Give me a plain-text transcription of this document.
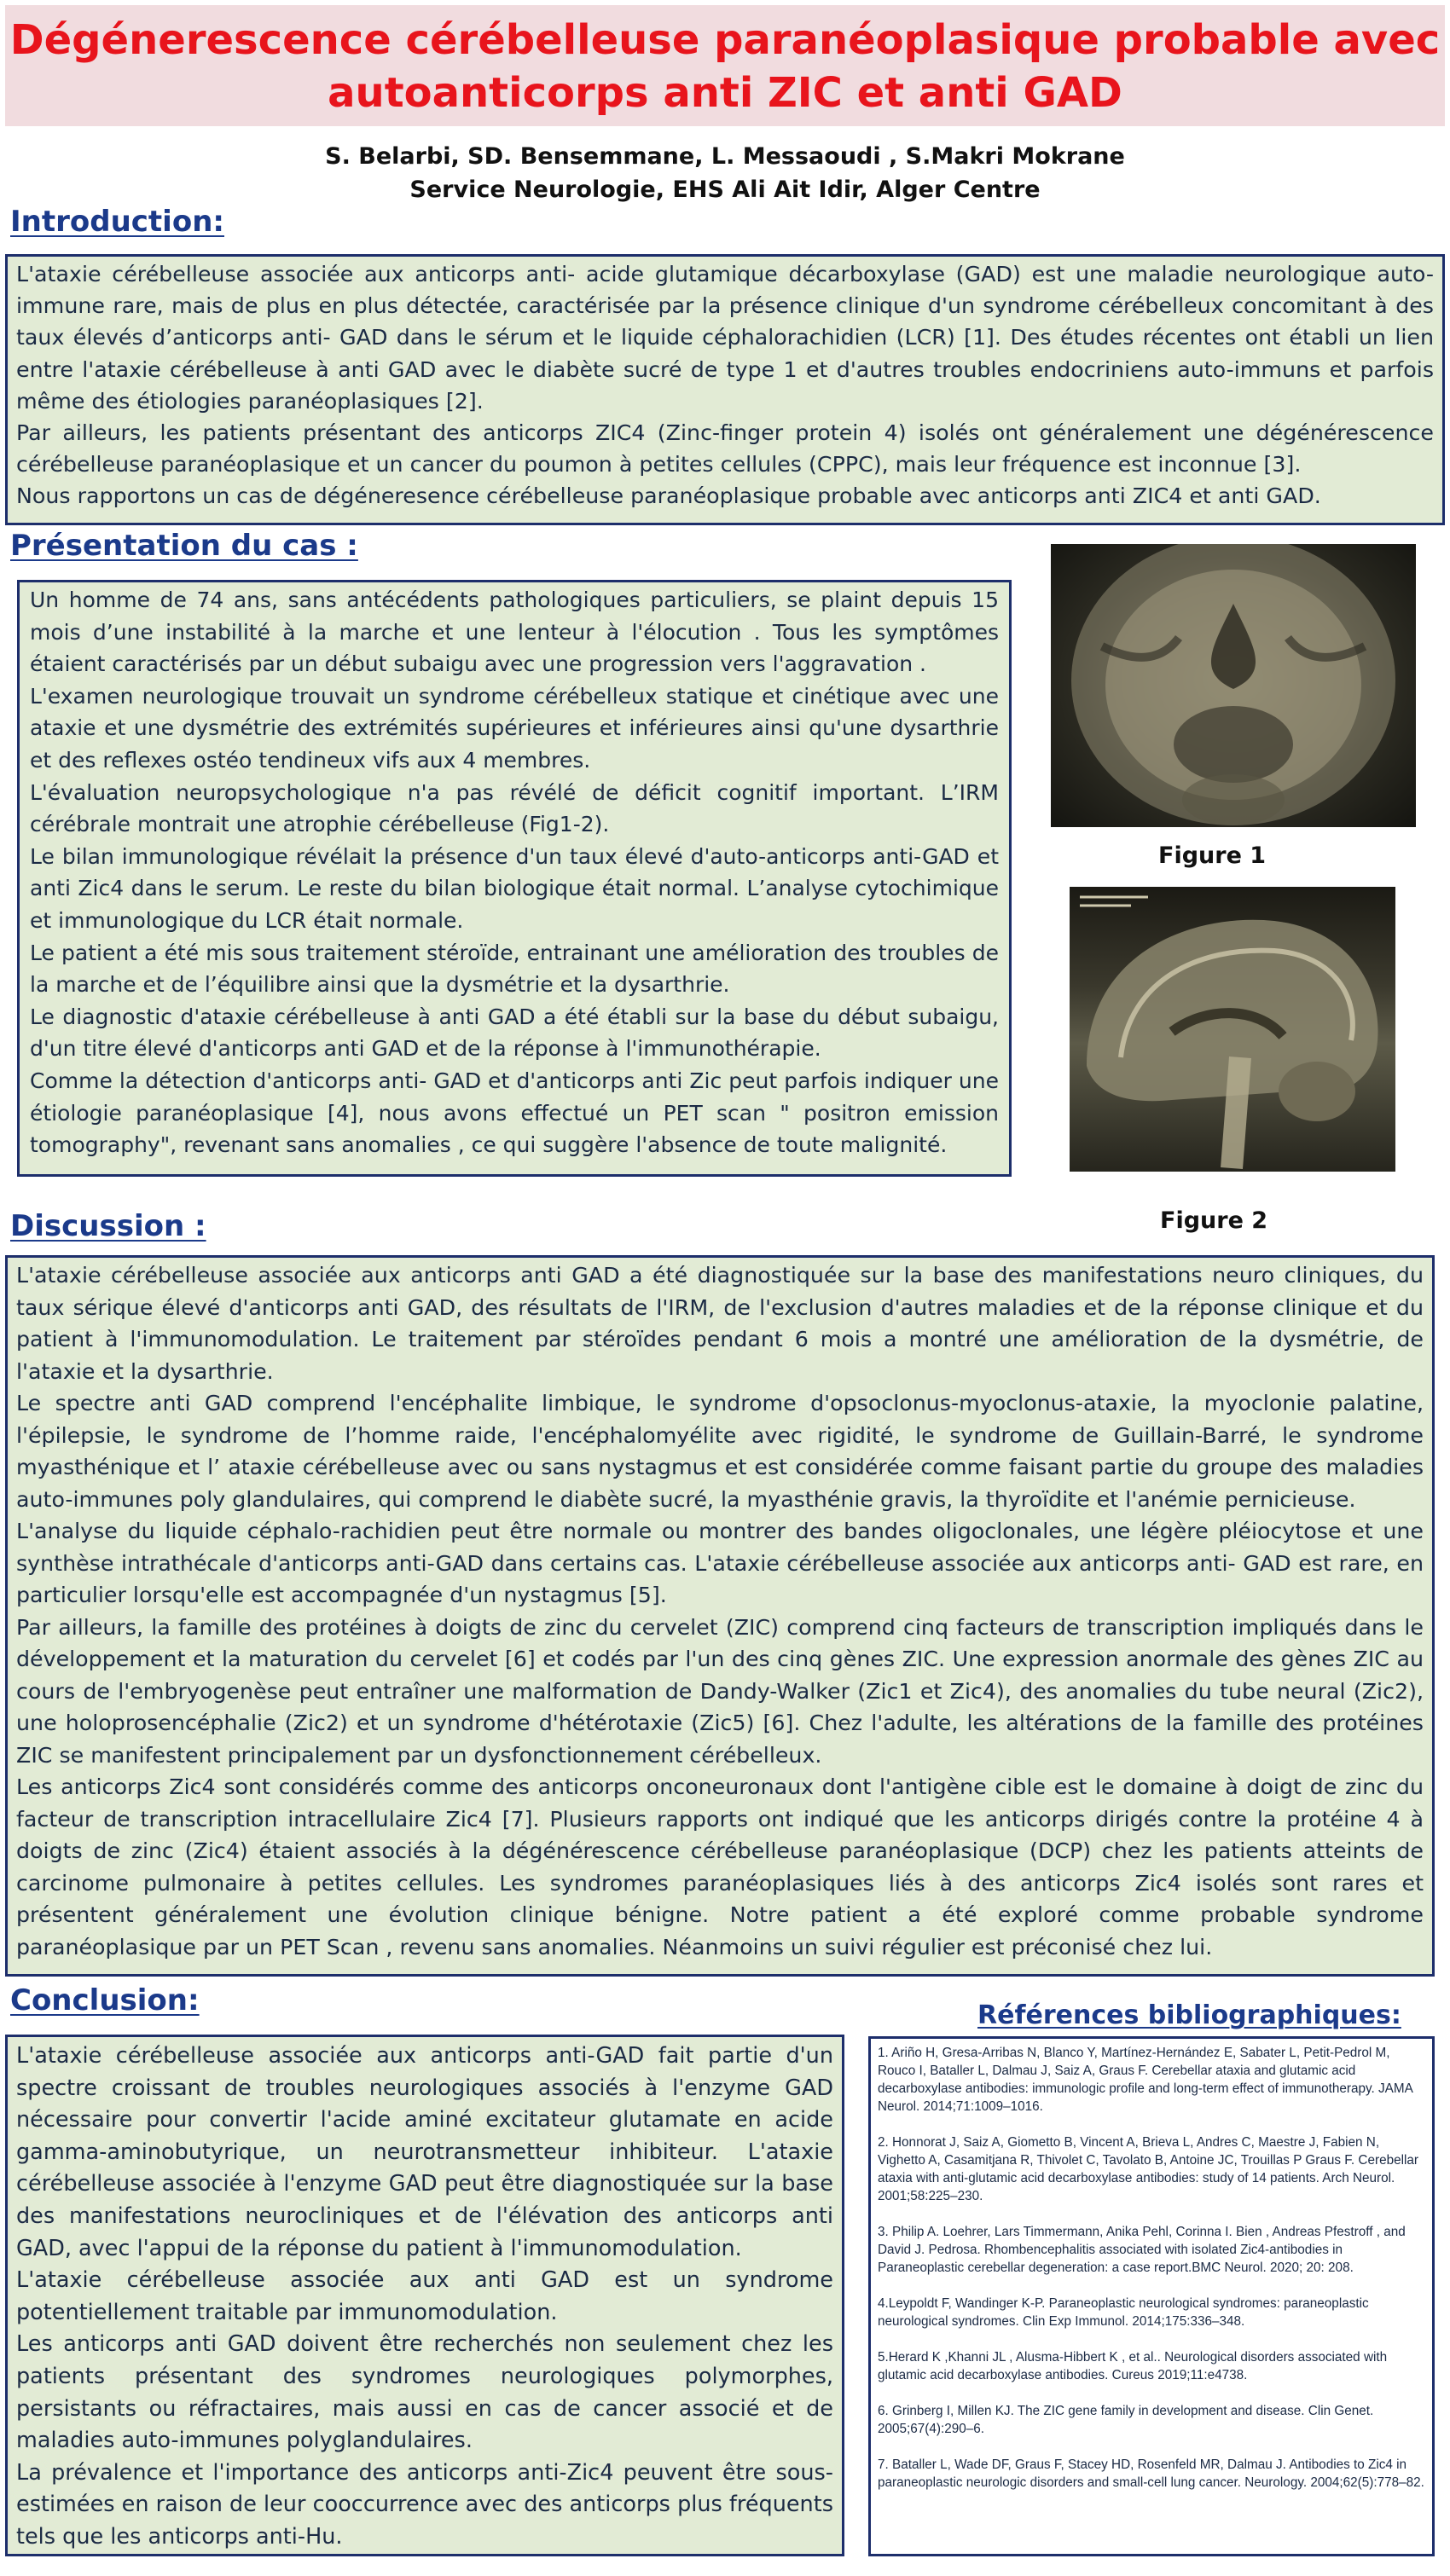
Dégénerescence cérébelleuse paranéoplasique probable avec
autoanticorps anti ZIC et anti GAD
S. Belarbi, SD. Bensemmane, L. Messaoudi , S.Makri Mokrane
Service Neurologie, EHS Ali Ait Idir, Alger Centre
Introduction:

L'ataxie cérébelleuse associée aux anticorps anti- acide glutamique décarboxylase (GAD) est une maladie neurologique auto-immune rare, mais de plus en plus détectée, caractérisée par la présence clinique d'un syndrome cérébelleux concomitant à des taux élevés d’anticorps anti- GAD dans le sérum et le liquide céphalorachidien (LCR) [1]. Des études récentes ont établi un lien entre l'ataxie cérébelleuse à anti GAD avec le diabète sucré de type 1 et d'autres troubles endocriniens auto-immuns et parfois même des étiologies paranéoplasiques [2].

Par ailleurs, les patients présentant des anticorps ZIC4 (Zinc-finger protein 4) isolés ont généralement une dégénérescence cérébelleuse paranéoplasique et un cancer du poumon à petites cellules (CPPC), mais leur fréquence est inconnue [3].

Nous rapportons un cas de dégéneresence cérébelleuse paranéoplasique probable avec anticorps anti ZIC4 et anti GAD.

Présentation du cas :

Un homme de 74 ans, sans antécédents pathologiques particuliers, se plaint depuis 15 mois d’une instabilité à la marche et une lenteur à l'élocution . Tous les symptômes étaient caractérisés par un début subaigu avec une progression vers l'aggravation .

L'examen neurologique trouvait un syndrome cérébelleux statique et cinétique avec une ataxie et une dysmétrie des extrémités supérieures et inférieures ainsi qu'une dysarthrie et des reflexes ostéo tendineux vifs aux 4 membres.

L'évaluation neuropsychologique n'a pas révélé de déficit cognitif important. L’IRM cérébrale montrait une atrophie cérébelleuse (Fig1-2).

Le bilan immunologique révélait la présence d'un taux élevé d'auto-anticorps anti-GAD et anti Zic4 dans le serum. Le reste du bilan biologique était normal. L’analyse cytochimique et immunologique du LCR était normale.

Le patient a été mis sous traitement stéroïde, entrainant une amélioration des troubles de la marche et de l’équilibre ainsi que la dysmétrie et la dysarthrie.

Le diagnostic d'ataxie cérébelleuse à anti GAD a été établi sur la base du début subaigu, d'un titre élevé d'anticorps anti GAD et de la réponse à l'immunothérapie.

Comme la détection d'anticorps anti- GAD et d'anticorps anti Zic peut parfois indiquer une étiologie paranéoplasique [4], nous avons effectué un PET scan " positron emission tomography", revenant sans anomalies , ce qui suggère l'absence de toute malignité.

Figure 1
Figure 2
Discussion :

L'ataxie cérébelleuse associée aux anticorps anti GAD a été diagnostiquée sur la base des manifestations neuro cliniques, du taux sérique élevé d'anticorps anti GAD, des résultats de l'IRM, de l'exclusion d'autres maladies et de la réponse clinique et du patient à l'immunomodulation. Le traitement par stéroïdes pendant 6 mois a montré une amélioration de la dysmétrie, de l'ataxie et la dysarthrie.

Le spectre anti GAD comprend l'encéphalite limbique, le syndrome d'opsoclonus-myoclonus-ataxie, la myoclonie palatine, l'épilepsie, le syndrome de l’homme raide, l'encéphalomyélite avec rigidité, le syndrome de Guillain-Barré, le syndrome myasthénique et l’ ataxie cérébelleuse avec ou sans nystagmus et est considérée comme faisant partie du groupe des maladies auto-immunes poly glandulaires, qui comprend le diabète sucré, la myasthénie gravis, la thyroïdite et l'anémie pernicieuse.

L'analyse du liquide céphalo-rachidien peut être normale ou montrer des bandes oligoclonales, une légère pléiocytose et une synthèse intrathécale d'anticorps anti-GAD dans certains cas. L'ataxie cérébelleuse associée aux anticorps anti- GAD est rare, en particulier lorsqu'elle est accompagnée d'un nystagmus [5].

Par ailleurs, la famille des protéines à doigts de zinc du cervelet (ZIC) comprend cinq facteurs de transcription impliqués dans le développement et la maturation du cervelet [6] et codés par l'un des cinq gènes ZIC. Une expression anormale des gènes ZIC au cours de l'embryogenèse peut entraîner une malformation de Dandy-Walker (Zic1 et Zic4), des anomalies du tube neural (Zic2), une holoprosencéphalie (Zic2) et un syndrome d'hétérotaxie (Zic5) [6]. Chez l'adulte, les altérations de la famille des protéines ZIC se manifestent principalement par un dysfonctionnement cérébelleux.

Les anticorps Zic4 sont considérés comme des anticorps onconeuronaux dont l'antigène cible est le domaine à doigt de zinc du facteur de transcription intracellulaire Zic4 [7]. Plusieurs rapports ont indiqué que les anticorps dirigés contre la protéine 4 à doigts de zinc (Zic4) étaient associés à la dégénérescence cérébelleuse paranéoplasique (DCP) chez les patients atteints de carcinome pulmonaire à petites cellules. Les syndromes paranéoplasiques liés à des anticorps Zic4 isolés sont rares et présentent généralement une évolution clinique bénigne. Notre patient a été exploré comme probable syndrome paranéoplasique par un PET Scan , revenu sans anomalies. Néanmoins un suivi régulier est préconisé chez lui.

Conclusion:

L'ataxie cérébelleuse associée aux anticorps anti-GAD fait partie d'un spectre croissant de troubles neurologiques associés à l'enzyme GAD nécessaire pour convertir l'acide aminé excitateur glutamate en acide gamma-aminobutyrique, un neurotransmetteur inhibiteur. L'ataxie cérébelleuse associée à l'enzyme GAD peut être diagnostiquée sur la base des manifestations neurocliniques et de l'élévation des anticorps anti GAD, avec l'appui de la réponse du patient à l'immunomodulation.

L'ataxie cérébelleuse associée aux anti GAD est un syndrome potentiellement traitable par immunomodulation.

Les anticorps anti GAD doivent être recherchés non seulement chez les patients présentant des syndromes neurologiques polymorphes, persistants ou réfractaires, mais aussi en cas de cancer associé et de maladies auto-immunes polyglandulaires.

La prévalence et l'importance des anticorps anti-Zic4 peuvent être sous-estimées en raison de leur cooccurrence avec des anticorps plus fréquents tels que les anticorps anti-Hu.

Références bibliographiques:
1. Ariño H, Gresa-Arribas N, Blanco Y, Martínez-Hernández E, Sabater L, Petit-Pedrol M, Rouco I, Bataller L, Dalmau J, Saiz A, Graus F. Cerebellar ataxia and glutamic acid decarboxylase antibodies: immunologic profile and long-term effect of immunotherapy. JAMA Neurol. 2014;71:1009–1016.
2. Honnorat J, Saiz A, Giometto B, Vincent A, Brieva L, Andres C, Maestre J, Fabien N, Vighetto A, Casamitjana R, Thivolet C, Tavolato B, Antoine JC, Trouillas P Graus F. Cerebellar ataxia with anti-glutamic acid decarboxylase antibodies: study of 14 patients. Arch Neurol. 2001;58:225–230.
3. Philip A. Loehrer, Lars Timmermann, Anika Pehl, Corinna I. Bien , Andreas Pfestroff , and David J. Pedrosa. Rhombencephalitis associated with isolated Zic4-antibodies in Paraneoplastic cerebellar degeneration: a case report.BMC Neurol. 2020; 20: 208.
4.Leypoldt F, Wandinger K-P. Paraneoplastic neurological syndromes: paraneoplastic neurological syndromes. Clin Exp Immunol. 2014;175:336–348.
5.Herard K ,Khanni JL , Alusma-Hibbert K , et al.. Neurological disorders associated with glutamic acid decarboxylase antibodies. Cureus 2019;11:e4738.
6. Grinberg I, Millen KJ. The ZIC gene family in development and disease. Clin Genet. 2005;67(4):290–6.
7. Bataller L, Wade DF, Graus F, Stacey HD, Rosenfeld MR, Dalmau J. Antibodies to Zic4 in paraneoplastic neurologic disorders and small-cell lung cancer. Neurology. 2004;62(5):778–82.
